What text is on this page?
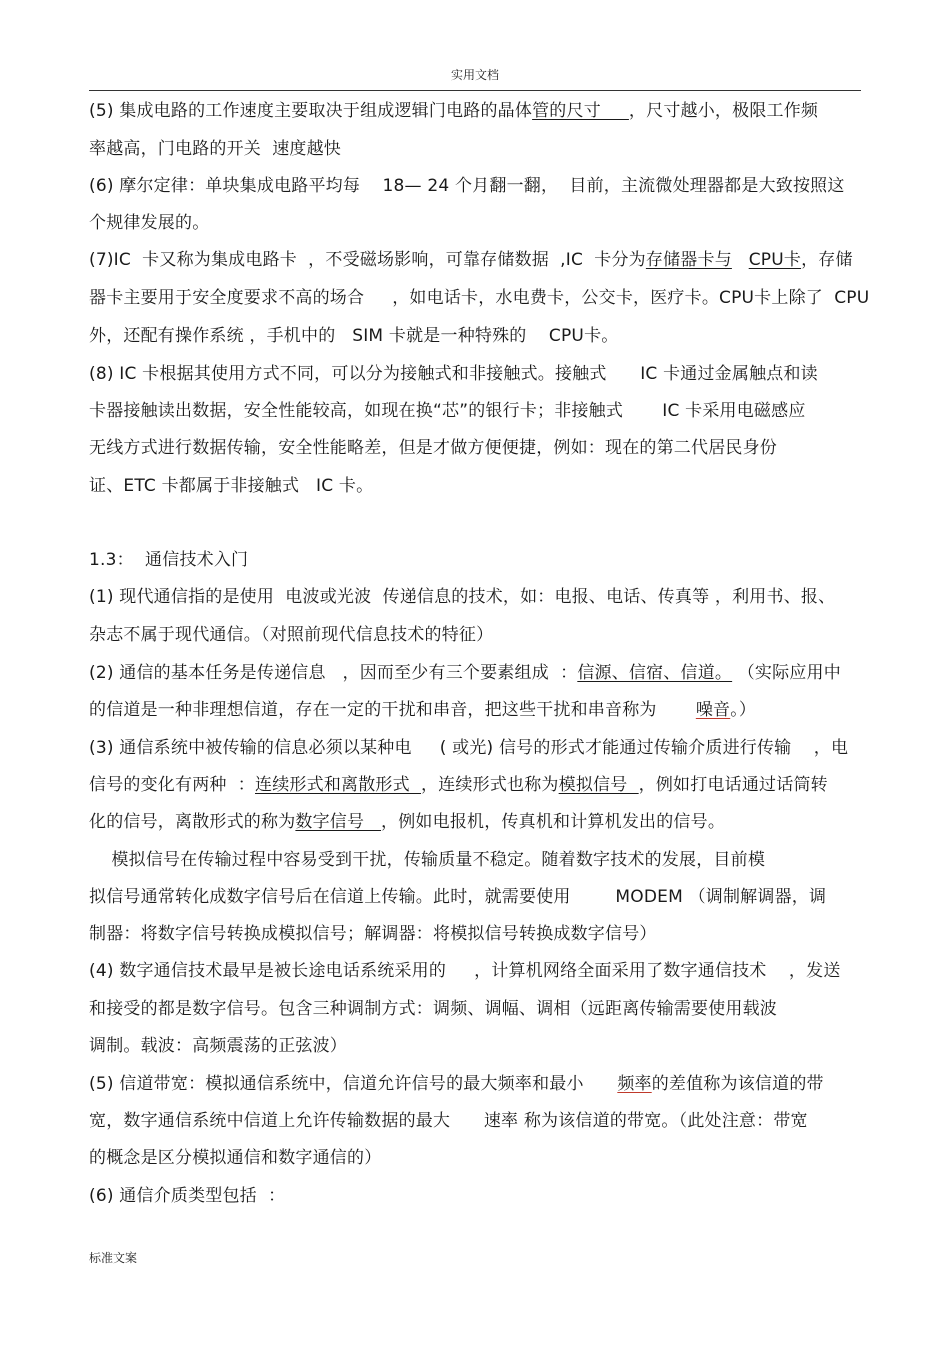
实用文档
(5) 集成电路的工作速度主要取决于组成逻辑门电路的晶体管的尺寸     ，尺寸越小，极限工作频
率越高，门电路的开关  速度越快
(6) 摩尔定律：单块集成电路平均每    18— 24 个月翻一翻，  目前，主流微处理器都是大致按照这
个规律发展的。
(7)IC  卡又称为集成电路卡  ，不受磁场影响，可靠存储数据  ,IC  卡分为存储器卡与 CPU卡，存储
器卡主要用于安全度要求不高的场合     ，如电话卡，水电费卡，公交卡，医疗卡。CPU卡上除了  CPU
外，还配有操作系统 ，手机中的   SIM 卡就是一种特殊的    CPU卡。
(8) IC 卡根据其使用方式不同，可以分为接触式和非接触式。接触式      IC 卡通过金属触点和读
卡器接触读出数据，安全性能较高，如现在换“芯”的银行卡；非接触式       IC 卡采用电磁感应
无线方式进行数据传输，安全性能略差，但是才做方便便捷，例如：现在的第二代居民身份
证、ETC 卡都属于非接触式   IC 卡。
1.3：  通信技术入门
(1) 现代通信指的是使用  电波或光波  传递信息的技术，如：电报、电话、传真等 ，利用书、报、
杂志不属于现代通信。（对照前现代信息技术的特征）
(2) 通信的基本任务是传递信息   ，因而至少有三个要素组成  ：信源、信宿、信道。 （实际应用中
的信道是一种非理想信道，存在一定的干扰和串音，把这些干扰和串音称为       噪音。）
(3) 通信系统中被传输的信息必须以某种电     ( 或光) 信号的形式才能通过传输介质进行传输    ，电
信号的变化有两种  ：连续形式和离散形式  ，连续形式也称为模拟信号  ，例如打电话通过话筒转
化的信号，离散形式的称为数字信号   ，例如电报机，传真机和计算机发出的信号。
模拟信号在传输过程中容易受到干扰，传输质量不稳定。随着数字技术的发展，目前模
拟信号通常转化成数字信号后在信道上传输。此时，就需要使用        MODEM （调制解调器，调
制器：将数字信号转换成模拟信号；解调器：将模拟信号转换成数字信号）
(4) 数字通信技术最早是被长途电话系统采用的     ，计算机网络全面采用了数字通信技术    ，发送
和接受的都是数字信号。包含三种调制方式：调频、调幅、调相（远距离传输需要使用载波
调制。载波：高频震荡的正弦波）
(5) 信道带宽：模拟通信系统中，信道允许信号的最大频率和最小      频率的差值称为该信道的带
宽，数字通信系统中信道上允许传输数据的最大      速率 称为该信道的带宽。（此处注意：带宽
的概念是区分模拟通信和数字通信的）
(6) 通信介质类型包括  ：
标准文案
